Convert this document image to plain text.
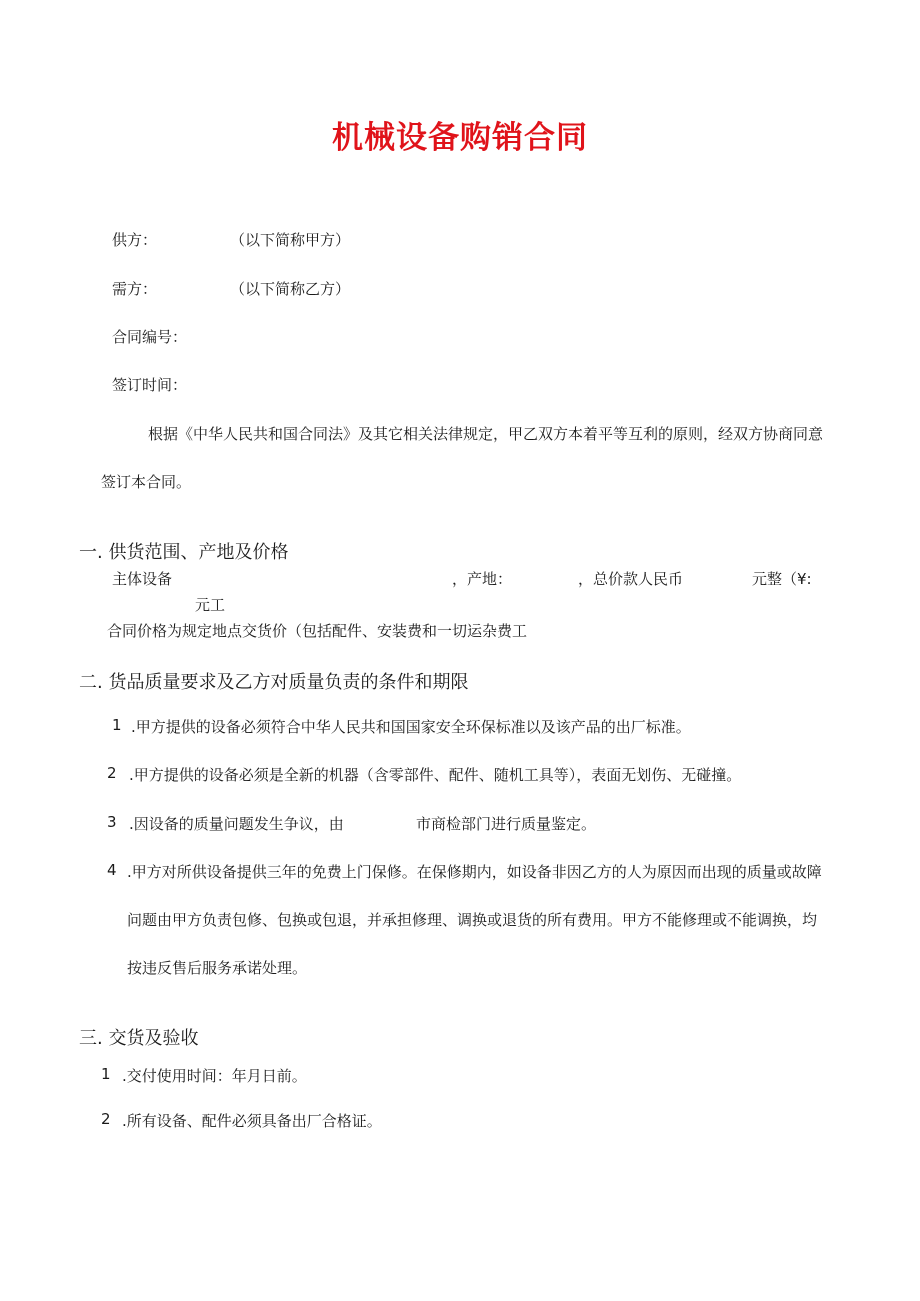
机械设备购销合同
供方：	（以下简称甲方）
需方：	（以下简称乙方）
合同编号：
签订时间：
根据《中华人民共和国合同法》及其它相关法律规定，甲乙双方本着平等互利的原则，经双方协商同意
签订本合同。
一. 供货范围、产地及价格
主体设备	，产地：	，总价款人民币	元整（¥:
元工
合同价格为规定地点交货价（包括配件、安装费和一切运杂费工
二. 货品质量要求及乙方对质量负责的条件和期限
1 .甲方提供的设备必须符合中华人民共和国国家安全环保标准以及该产品的出厂标准。
2 .甲方提供的设备必须是全新的机器（含零部件、配件、随机工具等），表面无划伤、无碰撞。
3 .因设备的质量问题发生争议，由	市商检部门进行质量鉴定。
4 .甲方对所供设备提供三年的免费上门保修。在保修期内，如设备非因乙方的人为原因而出现的质量或故障
问题由甲方负责包修、包换或包退，并承担修理、调换或退货的所有费用。甲方不能修理或不能调换，均
按违反售后服务承诺处理。
三. 交货及验收
1 .交付使用时间：年月日前。
2 .所有设备、配件必须具备出厂合格证。
